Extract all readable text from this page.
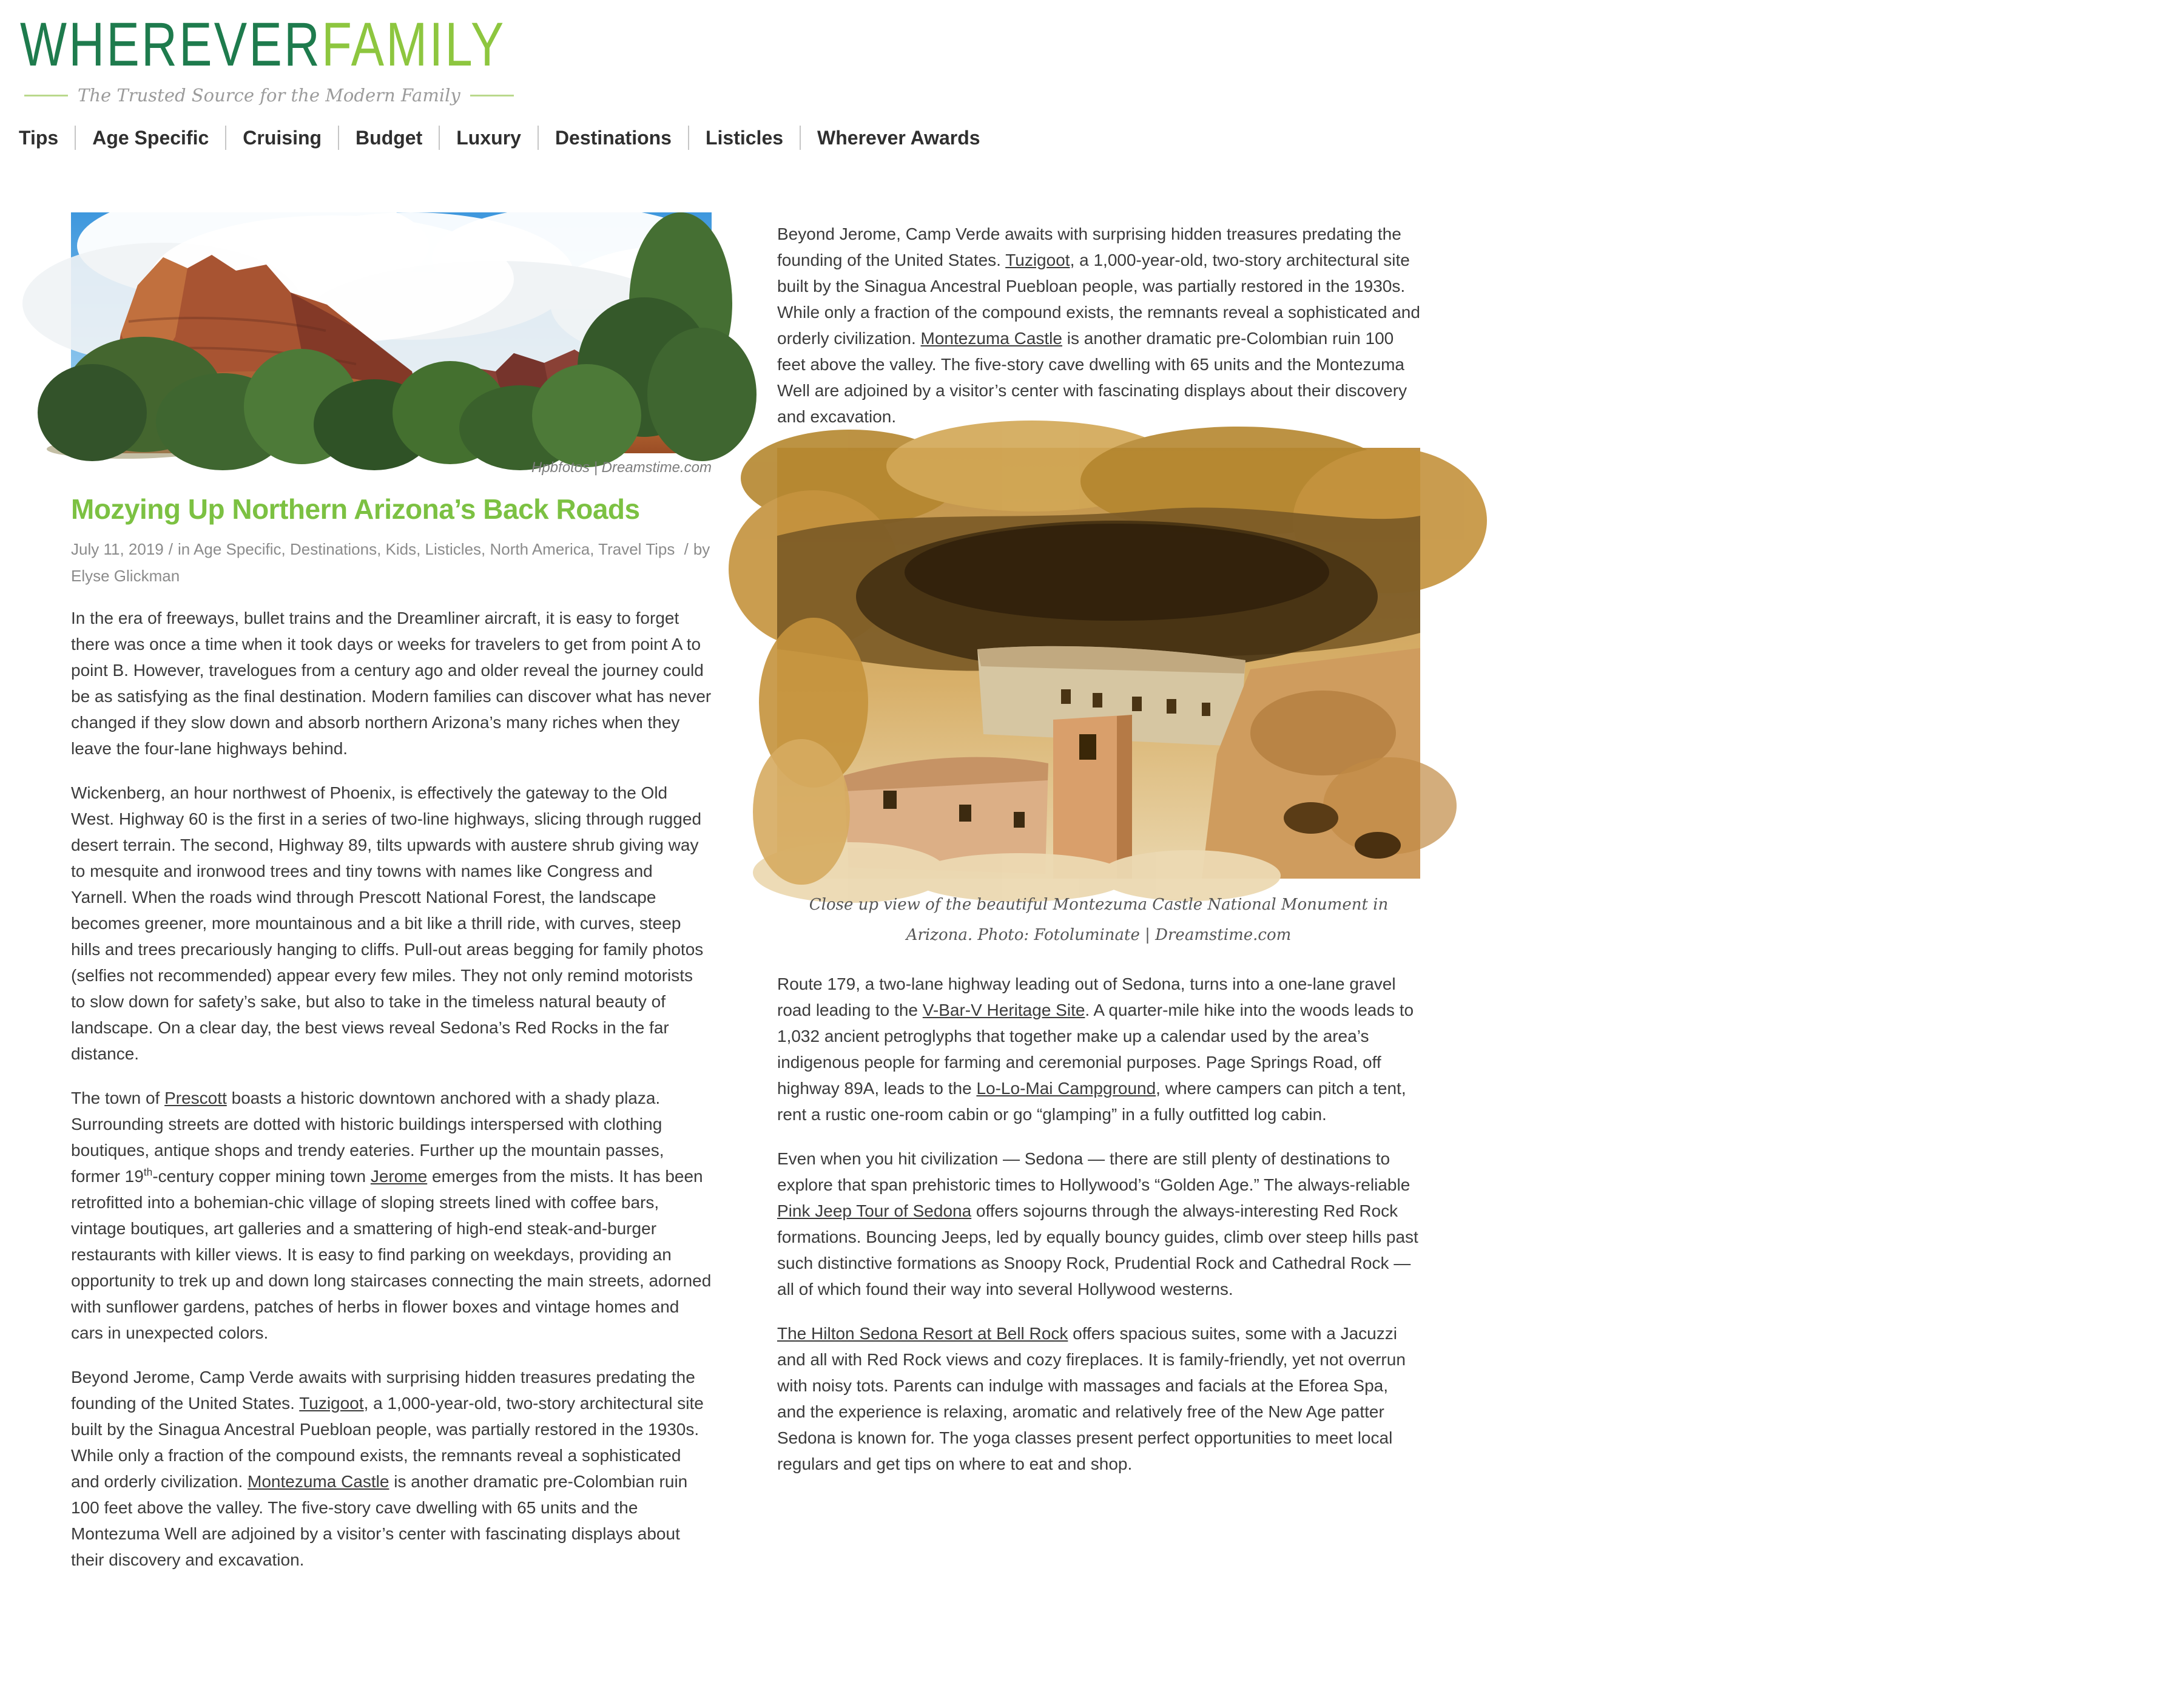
WHEREVERFAMILY
The Trusted Source for the Modern Family
Tips Age Specific Cruising Budget Luxury Destinations Listicles Wherever Awards
Hpbfotos | Dreamstime.com
Mozying Up Northern Arizona’s Back Roads
July 11, 2019 / in Age Specific, Destinations, Kids, Listicles, North America, Travel Tips / by Elyse Glickman

In the era of freeways, bullet trains and the Dreamliner aircraft, it is easy to forget there was once a time when it took days or weeks for travelers to get from point A to point B. However, travelogues from a century ago and older reveal the journey could be as satisfying as the final destination. Modern families can discover what has never changed if they slow down and absorb northern Arizona’s many riches when they leave the four-lane highways behind.

Wickenberg, an hour northwest of Phoenix, is effectively the gateway to the Old West. Highway 60 is the first in a series of two-line highways, slicing through rugged desert terrain. The second, Highway 89, tilts upwards with austere shrub giving way to mesquite and ironwood trees and tiny towns with names like Congress and Yarnell. When the roads wind through Prescott National Forest, the landscape becomes greener, more mountainous and a bit like a thrill ride, with curves, steep hills and trees precariously hanging to cliffs. Pull-out areas begging for family photos (selfies not recommended) appear every few miles. They not only remind motorists to slow down for safety’s sake, but also to take in the timeless natural beauty of landscape. On a clear day, the best views reveal Sedona’s Red Rocks in the far distance.

The town of Prescott boasts a historic downtown anchored with a shady plaza. Surrounding streets are dotted with historic buildings interspersed with clothing boutiques, antique shops and trendy eateries. Further up the mountain passes, former 19th-century copper mining town Jerome emerges from the mists. It has been retrofitted into a bohemian-chic village of sloping streets lined with coffee bars, vintage boutiques, art galleries and a smattering of high-end steak-and-burger restaurants with killer views. It is easy to find parking on weekdays, providing an opportunity to trek up and down long staircases connecting the main streets, adorned with sunflower gardens, patches of herbs in flower boxes and vintage homes and cars in unexpected colors.

Beyond Jerome, Camp Verde awaits with surprising hidden treasures predating the founding of the United States. Tuzigoot, a 1,000-year-old, two-story architectural site built by the Sinagua Ancestral Puebloan people, was partially restored in the 1930s. While only a fraction of the compound exists, the remnants reveal a sophisticated and orderly civilization. Montezuma Castle is another dramatic pre-Colombian ruin 100 feet above the valley. The five-story cave dwelling with 65 units and the Montezuma Well are adjoined by a visitor’s center with fascinating displays about their discovery and excavation.

Beyond Jerome, Camp Verde awaits with surprising hidden treasures predating the founding of the United States. Tuzigoot, a 1,000-year-old, two-story architectural site built by the Sinagua Ancestral Puebloan people, was partially restored in the 1930s. While only a fraction of the compound exists, the remnants reveal a sophisticated and orderly civilization. Montezuma Castle is another dramatic pre-Colombian ruin 100 feet above the valley. The five-story cave dwelling with 65 units and the Montezuma Well are adjoined by a visitor’s center with fascinating displays about their discovery and excavation.

Close up view of the beautiful Montezuma Castle National Monument in Arizona. Photo: Fotoluminate | Dreamstime.com

Route 179, a two-lane highway leading out of Sedona, turns into a one-lane gravel road leading to the V-Bar-V Heritage Site. A quarter-mile hike into the woods leads to 1,032 ancient petroglyphs that together make up a calendar used by the area’s indigenous people for farming and ceremonial purposes. Page Springs Road, off highway 89A, leads to the Lo-Lo-Mai Campground, where campers can pitch a tent, rent a rustic one-room cabin or go “glamping” in a fully outfitted log cabin.

Even when you hit civilization — Sedona — there are still plenty of destinations to explore that span prehistoric times to Hollywood’s “Golden Age.” The always-reliable Pink Jeep Tour of Sedona offers sojourns through the always-interesting Red Rock formations. Bouncing Jeeps, led by equally bouncy guides, climb over steep hills past such distinctive formations as Snoopy Rock, Prudential Rock and Cathedral Rock — all of which found their way into several Hollywood westerns.

The Hilton Sedona Resort at Bell Rock offers spacious suites, some with a Jacuzzi and all with Red Rock views and cozy fireplaces. It is family-friendly, yet not overrun with noisy tots. Parents can indulge with massages and facials at the Eforea Spa, and the experience is relaxing, aromatic and relatively free of the New Age patter Sedona is known for. The yoga classes present perfect opportunities to meet local regulars and get tips on where to eat and shop.
